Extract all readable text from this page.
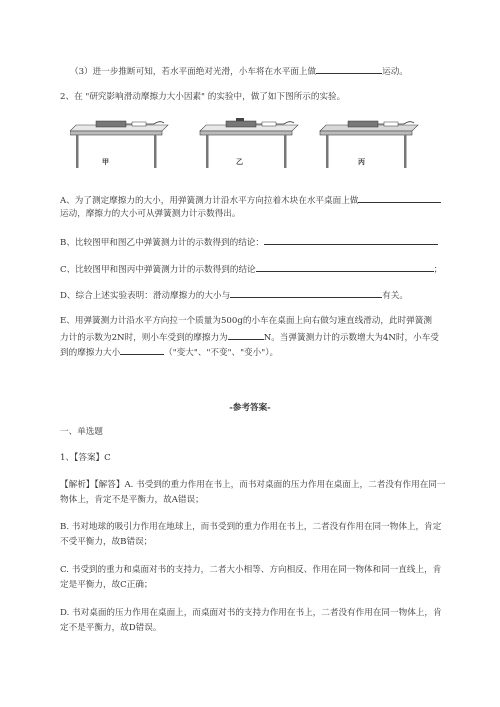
（3）进一步推断可知，若水平面绝对光滑，小车将在水平面上做	运动。
2、在 "研究影响滑动摩擦力大小因素" 的实验中，做了如下图所示的实验。
甲	乙	丙
A、为了测定摩擦力的大小，用弹簧测力计沿水平方向拉着木块在水平桌面上做
运动，摩擦力的大小可从弹簧测力计示数得出。
B、比较图甲和图乙中弹簧测力计的示数得到的结论：
C、比较图甲和图丙中弹簧测力计的示数得到的结论	；
D、综合上述实验表明：滑动摩擦力的大小与	有关。
E、用弹簧测力计沿水平方向拉一个质量为500g的小车在桌面上向右做匀速直线滑动，此时弹簧测
力计的示数为2N时，则小车受到的摩擦力为	N。当弹簧测力计的示数增大为4N时，小车受
到的摩擦力大小	（"变大"、"不变"、"变小"）。
-参考答案-
一、单选题
1、【答案】C
【解析】【解答】A. 书受到的重力作用在书上，而书对桌面的压力作用在桌面上，二者没有作用在同一
物体上，肯定不是平衡力，故A错误；
B. 书对地球的吸引力作用在地球上，而书受到的重力作用在书上，二者没有作用在同一物体上，肯定
不受平衡力，故B错误；
C. 书受到的重力和桌面对书的支持力，二者大小相等、方向相反、作用在同一物体和同一直线上，肯
定是平衡力，故C正确；
D. 书对桌面的压力作用在桌面上，而桌面对书的支持力作用在书上，二者没有作用在同一物体上，肯
定不是平衡力，故D错误。
